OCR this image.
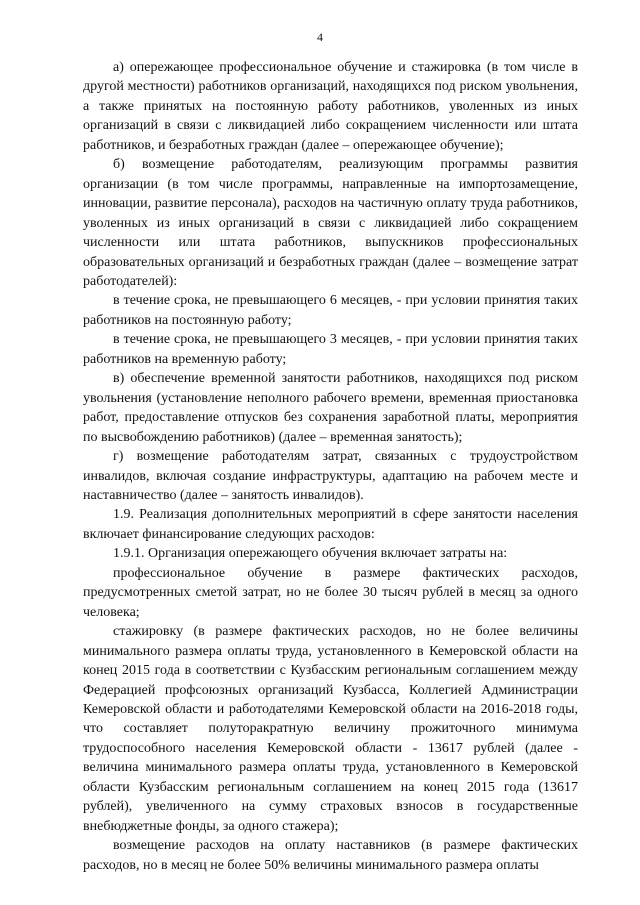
4

а) опережающее профессиональное обучение и стажировка (в том числе в другой местности) работников организаций, находящихся под риском увольнения, а также принятых на постоянную работу работников, уволенных из иных организаций в связи с ликвидацией либо сокращением численности или штата работников, и безработных граждан (далее – опережающее обучение);

б) возмещение работодателям, реализующим программы развития организации (в том числе программы, направленные на импортозамещение, инновации, развитие персонала), расходов на частичную оплату труда работников, уволенных из иных организаций в связи с ликвидацией либо сокращением численности или штата работников, выпускников профессиональных образовательных организаций и безработных граждан (далее – возмещение затрат работодателей):

в течение срока, не превышающего 6 месяцев, - при условии принятия таких работников на постоянную работу;

в течение срока, не превышающего 3 месяцев, - при условии принятия таких работников на временную работу;

в) обеспечение временной занятости работников, находящихся под риском увольнения (установление неполного рабочего времени, временная приостановка работ, предоставление отпусков без сохранения заработной платы, мероприятия по высвобождению работников) (далее – временная занятость);

г) возмещение работодателям затрат, связанных с трудоустройством инвалидов, включая создание инфраструктуры, адаптацию на рабочем месте и наставничество (далее – занятость инвалидов).

1.9. Реализация дополнительных мероприятий в сфере занятости населения включает финансирование следующих расходов:

1.9.1. Организация опережающего обучения включает затраты на:

профессиональное обучение в размере фактических расходов, предусмотренных сметой затрат, но не более 30 тысяч рублей в месяц за одного человека;

стажировку (в размере фактических расходов, но не более величины минимального размера оплаты труда, установленного в Кемеровской области на конец 2015 года в соответствии с Кузбасским региональным соглашением между Федерацией профсоюзных организаций Кузбасса, Коллегией Администрации Кемеровской области и работодателями Кемеровской области на 2016-2018 годы, что составляет полуторакратную величину прожиточного минимума трудоспособного населения Кемеровской области - 13617 рублей (далее - величина минимального размера оплаты труда, установленного в Кемеровской области Кузбасским региональным соглашением на конец 2015 года (13617 рублей), увеличенного на сумму страховых взносов в государственные внебюджетные фонды, за одного стажера);

возмещение расходов на оплату наставников (в размере фактических расходов, но в месяц не более 50% величины минимального размера оплаты
